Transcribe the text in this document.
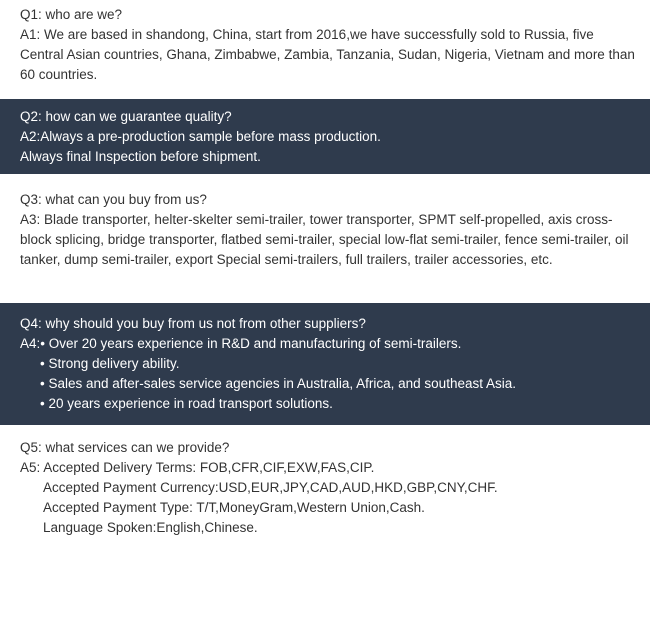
Q1: who are we?

A1: We are based in shandong, China, start from 2016,we have successfully sold to Russia, five Central Asian countries, Ghana, Zimbabwe, Zambia, Tanzania, Sudan, Nigeria, Vietnam and more than 60 countries.

Q2: how can we guarantee quality?

A2:Always a pre-production sample before mass production.

Always final Inspection before shipment.

Q3: what can you buy from us?

A3: Blade transporter, helter-skelter semi-trailer, tower transporter, SPMT self-propelled, axis cross-block splicing, bridge transporter, flatbed semi-trailer, special low-flat semi-trailer, fence semi-trailer, oil tanker, dump semi-trailer, export Special semi-trailers, full trailers, trailer accessories, etc.

Q4: why should you buy from us not from other suppliers?

A4:• Over 20 years experience in R&D and manufacturing of semi-trailers.

• Strong delivery ability.

• Sales and after-sales service agencies in Australia, Africa, and southeast Asia.

• 20 years experience in road transport solutions.

Q5: what services can we provide?

A5: Accepted Delivery Terms: FOB,CFR,CIF,EXW,FAS,CIP.

Accepted Payment Currency:USD,EUR,JPY,CAD,AUD,HKD,GBP,CNY,CHF.

Accepted Payment Type: T/T,MoneyGram,Western Union,Cash.

Language Spoken:English,Chinese.
